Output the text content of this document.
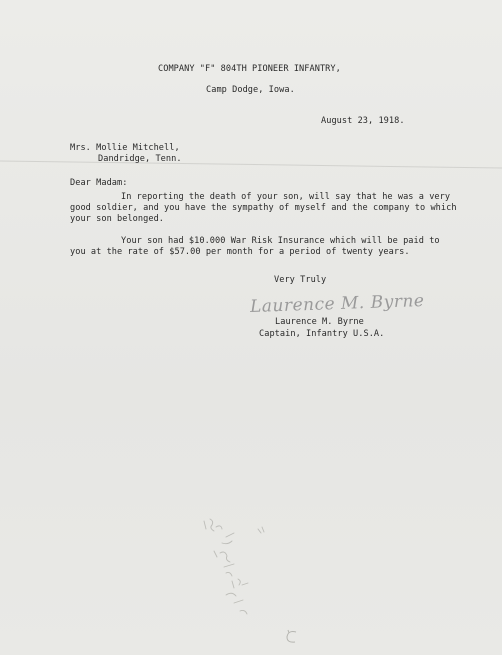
COMPANY "F" 804TH PIONEER INFANTRY,
Camp Dodge, Iowa.
August 23, 1918.
Mrs. Mollie Mitchell,
Dandridge, Tenn.
Dear Madam:
In reporting the death of your son, will say that he was a very
good soldier, and you have the sympathy of myself and the company to which
your son belonged.
Your son had $10.000 War Risk Insurance which will be paid to
you at the rate of $57.00 per month for a period of twenty years.
Very Truly
Laurence M. Byrne
Laurence M. Byrne
Captain, Infantry U.S.A.
